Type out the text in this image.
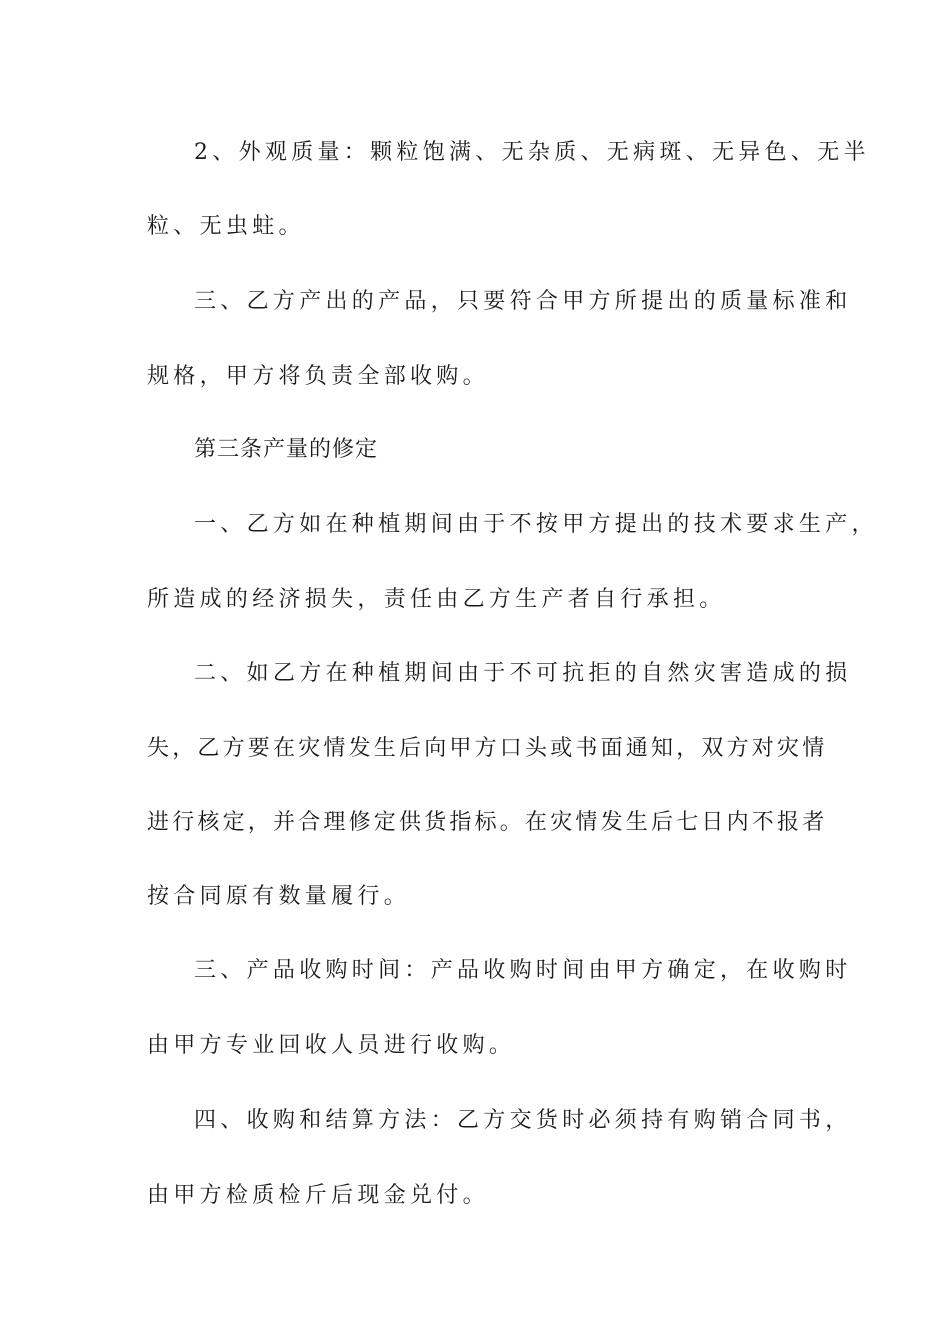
2、外观质量：颗粒饱满、无杂质、无病斑、无异色、无半
粒、无虫蛀。
三、乙方产出的产品，只要符合甲方所提出的质量标准和
规格，甲方将负责全部收购。
第三条产量的修定
一、乙方如在种植期间由于不按甲方提出的技术要求生产，
所造成的经济损失，责任由乙方生产者自行承担。
二、如乙方在种植期间由于不可抗拒的自然灾害造成的损
失，乙方要在灾情发生后向甲方口头或书面通知，双方对灾情
进行核定，并合理修定供货指标。在灾情发生后七日内不报者
按合同原有数量履行。
三、产品收购时间：产品收购时间由甲方确定，在收购时
由甲方专业回收人员进行收购。
四、收购和结算方法：乙方交货时必须持有购销合同书，
由甲方检质检斤后现金兑付。
